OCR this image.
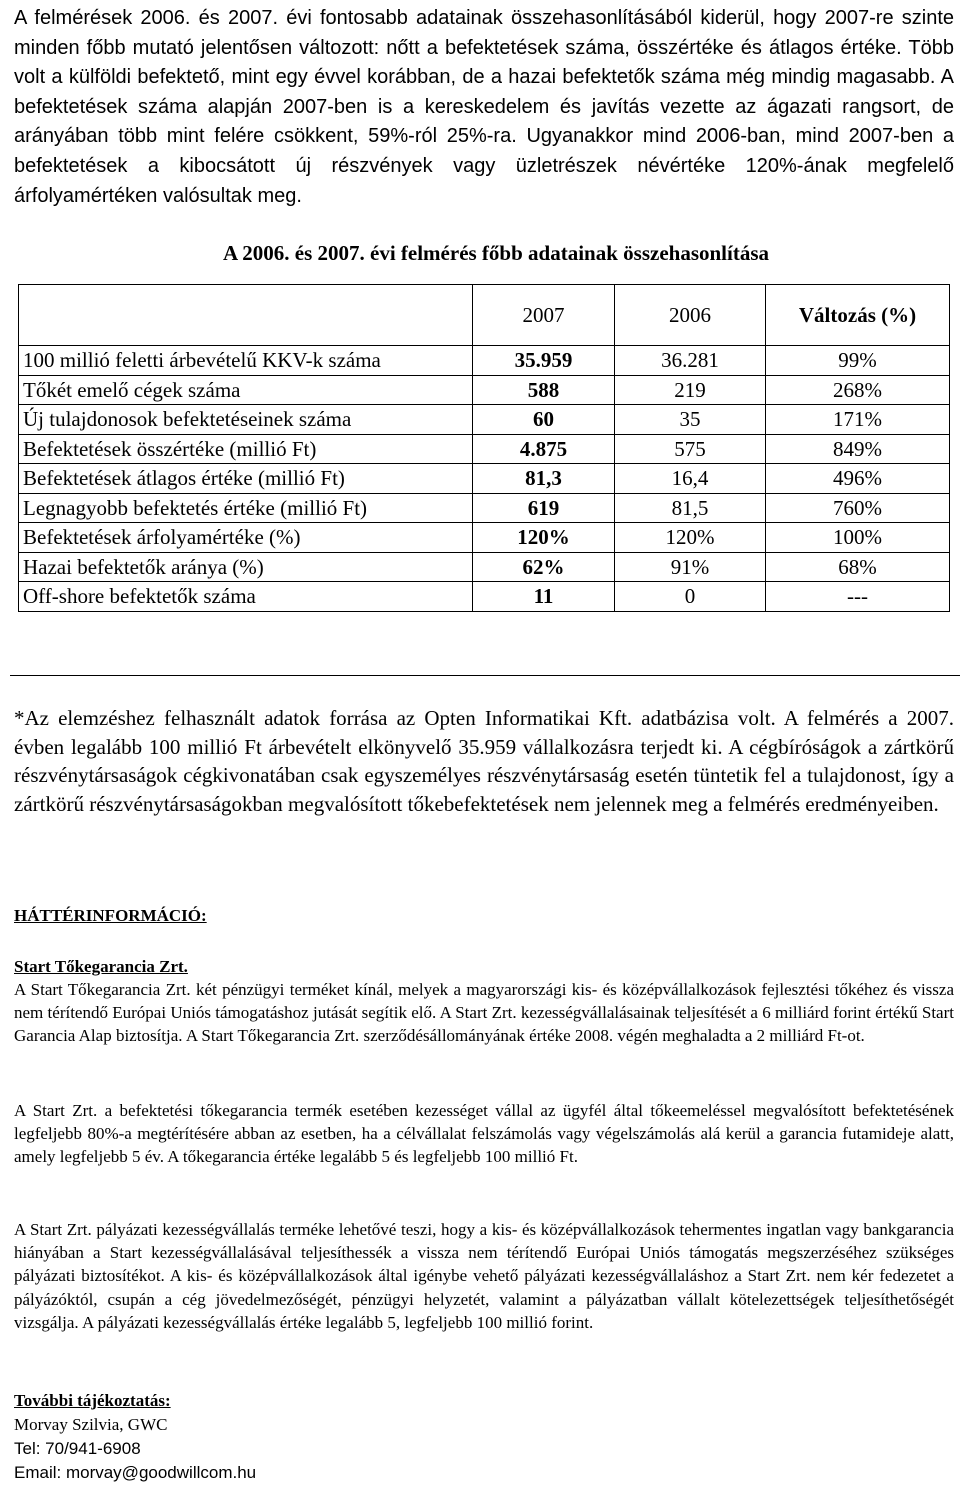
A felmérések 2006. és 2007. évi fontosabb adatainak összehasonlításából kiderül, hogy 2007-re szinte minden főbb mutató jelentősen változott: nőtt a befektetések száma, összértéke és átlagos értéke. Több volt a külföldi befektető, mint egy évvel korábban, de a hazai befektetők száma még mindig magasabb. A befektetések száma alapján 2007-ben is a kereskedelem és javítás vezette az ágazati rangsort, de arányában több mint felére csökkent, 59%-ról 25%-ra. Ugyanakkor mind 2006-ban, mind 2007-ben a befektetések a kibocsátott új részvények vagy üzletrészek névértéke 120%-ának megfelelő árfolyamértéken valósultak meg.

A 2006. és 2007. évi felmérés főbb adatainak összehasonlítása
	2007	2006	Változás (%)
100 millió feletti árbevételű KKV-k száma	35.959	36.281	99%
Tőkét emelő cégek száma	588	219	268%
Új tulajdonosok befektetéseinek száma	60	35	171%
Befektetések összértéke (millió Ft)	4.875	575	849%
Befektetések átlagos értéke (millió Ft)	81,3	16,4	496%
Legnagyobb befektetés értéke (millió Ft)	619	81,5	760%
Befektetések árfolyamértéke (%)	120%	120%	100%
Hazai befektetők aránya (%)	62%	91%	68%
Off-shore befektetők száma	11	0	---

*Az elemzéshez felhasznált adatok forrása az Opten Informatikai Kft. adatbázisa volt. A felmérés a 2007. évben legalább 100 millió Ft árbevételt elkönyvelő 35.959 vállalkozásra terjedt ki. A cégbíróságok a zártkörű részvénytársaságok cégkivonatában csak egyszemélyes részvénytársaság esetén tüntetik fel a tulajdonost, így a zártkörű részvénytársaságokban megvalósított tőkebefektetések nem jelennek meg a felmérés eredményeiben.

HÁTTÉRINFORMÁCIÓ:
Start Tőkegarancia Zrt.

A Start Tőkegarancia Zrt. két pénzügyi terméket kínál, melyek a magyarországi kis- és középvállalkozások fejlesztési tőkéhez és vissza nem térítendő Európai Uniós támogatáshoz jutását segítik elő. A Start Zrt. kezességvállalásainak teljesítését a 6 milliárd forint értékű Start Garancia Alap biztosítja. A Start Tőkegarancia Zrt. szerződésállományának értéke 2008. végén meghaladta a 2 milliárd Ft-ot.

A Start Zrt. a befektetési tőkegarancia termék esetében kezességet vállal az ügyfél által tőkeemeléssel megvalósított befektetésének legfeljebb 80%-a megtérítésére abban az esetben, ha a célvállalat felszámolás vagy végelszámolás alá kerül a garancia futamideje alatt, amely legfeljebb 5 év. A tőkegarancia értéke legalább 5 és legfeljebb 100 millió Ft.

A Start Zrt. pályázati kezességvállalás terméke lehetővé teszi, hogy a kis- és középvállalkozások tehermentes ingatlan vagy bankgarancia hiányában a Start kezességvállalásával teljesíthessék a vissza nem térítendő Európai Uniós támogatás megszerzéséhez szükséges pályázati biztosítékot. A kis- és középvállalkozások által igénybe vehető pályázati kezességvállaláshoz a Start Zrt. nem kér fedezetet a pályázóktól, csupán a cég jövedelmezőségét, pénzügyi helyzetét, valamint a pályázatban vállalt kötelezettségek teljesíthetőségét vizsgálja. A pályázati kezességvállalás értéke legalább 5, legfeljebb 100 millió forint.

További tájékoztatás:
Morvay Szilvia, GWC
Tel: 70/941-6908
Email: morvay@goodwillcom.hu
